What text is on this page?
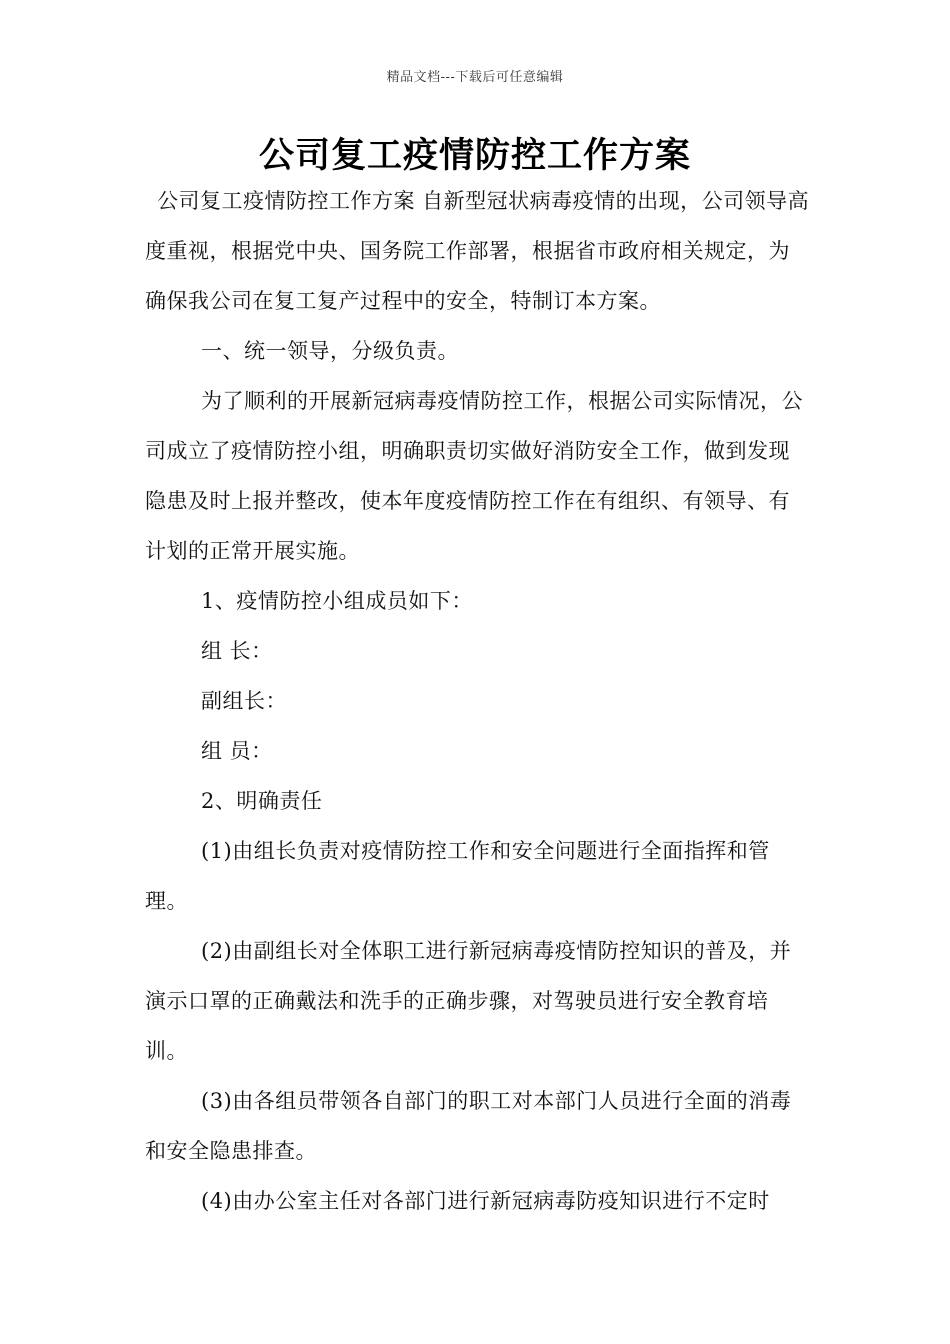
精品文档---下载后可任意编辑
公司复工疫情防控工作方案

公司复工疫情防控工作方案 自新型冠状病毒疫情的出现，公司领导高度重视，根据党中央、国务院工作部署，根据省市政府相关规定，为确保我公司在复工复产过程中的安全，特制订本方案。

一、统一领导，分级负责。

为了顺利的开展新冠病毒疫情防控工作，根据公司实际情况，公司成立了疫情防控小组，明确职责切实做好消防安全工作，做到发现隐患及时上报并整改，使本年度疫情防控工作在有组织、有领导、有计划的正常开展实施。

1、疫情防控小组成员如下：

组 长：

副组长：

组 员：

2、明确责任

(1)由组长负责对疫情防控工作和安全问题进行全面指挥和管理。

(2)由副组长对全体职工进行新冠病毒疫情防控知识的普及，并演示口罩的正确戴法和洗手的正确步骤，对驾驶员进行安全教育培训。

(3)由各组员带领各自部门的职工对本部门人员进行全面的消毒和安全隐患排查。

(4)由办公室主任对各部门进行新冠病毒防疫知识进行不定时
